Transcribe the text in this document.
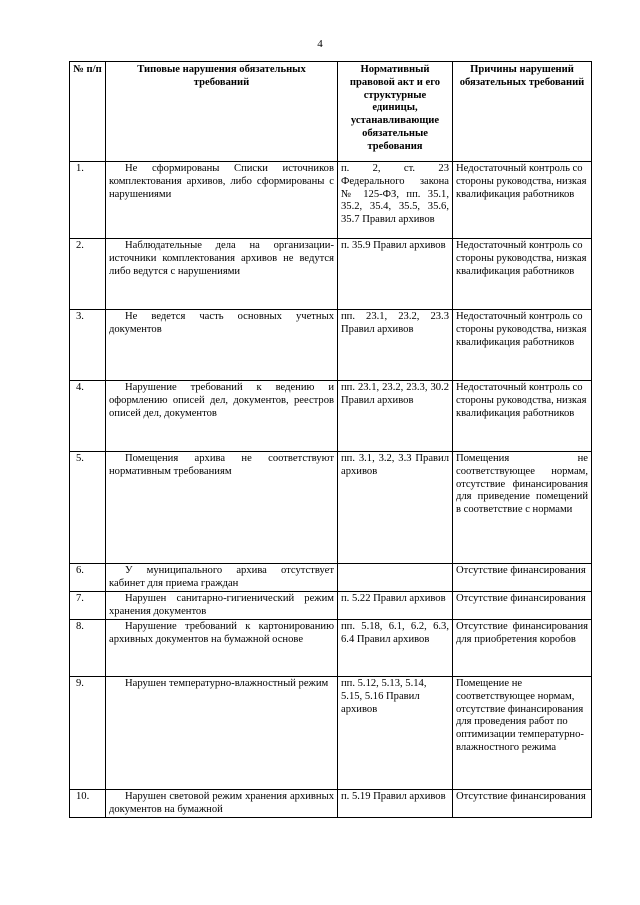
4
№ п/п	Типовые нарушения обязательных требований	Нормативный правовой акт и его структурные единицы, устанавливающие обязательные требования	Причины нарушений обязательных требований
1.	Не сформированы Списки источников комплектования архивов, либо сформированы с нарушениями	п. 2, ст. 23 Федерального закона № 125-ФЗ, пп. 35.1, 35.2, 35.4, 35.5, 35.6, 35.7 Правил архивов	Недостаточный контроль со стороны руководства, низкая квалификация работников
2.	Наблюдательные дела на организации-источники комплектования архивов не ведутся либо ведутся с нарушениями	п. 35.9 Правил архивов	Недостаточный контроль со стороны руководства, низкая квалификация работников
3.	Не ведется часть основных учетных документов	пп. 23.1, 23.2, 23.3 Правил архивов	Недостаточный контроль со стороны руководства, низкая квалификация работников
4.	Нарушение требований к ведению и оформлению описей дел, документов, реестров описей дел, документов	пп. 23.1, 23.2, 23.3, 30.2 Правил архивов	Недостаточный контроль со стороны руководства, низкая квалификация работников
5.	Помещения архива не соответствуют нормативным требованиям	пп. 3.1, 3.2, 3.3 Правил архивов	Помещения не соответствующее нормам, отсутствие финансирования для приведение помещений в соответствие с нормами
6.	У муниципального архива отсутствует кабинет для приема граждан		Отсутствие финансирования
7.	Нарушен санитарно-гигиенический режим хранения документов	п. 5.22 Правил архивов	Отсутствие финансирования
8.	Нарушение требований к картонированию архивных документов на бумажной основе	пп. 5.18, 6.1, 6.2, 6.3, 6.4 Правил архивов	Отсутствие финансирования для приобретения коробов
9.	Нарушен температурно-влажностный режим	пп. 5.12, 5.13, 5.14, 5.15, 5.16 Правил архивов	Помещение не соответствующее нормам, отсутствие финансирования для проведения работ по оптимизации температурно-влажностного режима
10.	Нарушен световой режим хранения архивных документов на бумажной	п. 5.19 Правил архивов	Отсутствие финансирования
